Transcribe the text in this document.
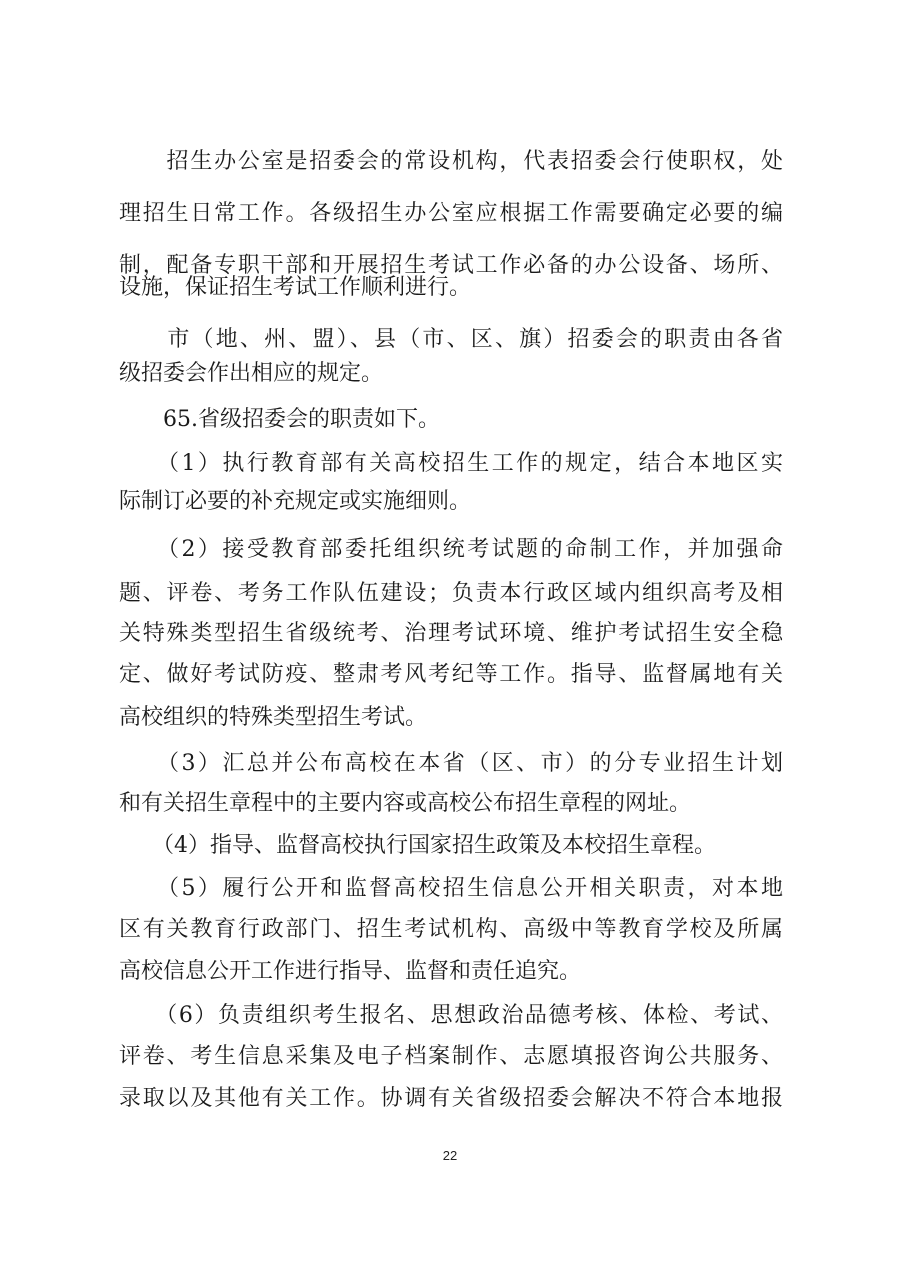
　　招生办公室是招委会的常设机构，代表招委会行使职权，处
理招生日常工作。各级招生办公室应根据工作需要确定必要的编
制，配备专职干部和开展招生考试工作必备的办公设备、场所、
设施，保证招生考试工作顺利进行。
　　市（地、州、盟）、县（市、区、旗）招委会的职责由各省
级招委会作出相应的规定。
　　65.省级招委会的职责如下。
　　（1）执行教育部有关高校招生工作的规定，结合本地区实
际制订必要的补充规定或实施细则。
　　（2）接受教育部委托组织统考试题的命制工作，并加强命
题、评卷、考务工作队伍建设；负责本行政区域内组织高考及相
关特殊类型招生省级统考、治理考试环境、维护考试招生安全稳
定、做好考试防疫、整肃考风考纪等工作。指导、监督属地有关
高校组织的特殊类型招生考试。
　　（3）汇总并公布高校在本省（区、市）的分专业招生计划
和有关招生章程中的主要内容或高校公布招生章程的网址。
　　（4）指导、监督高校执行国家招生政策及本校招生章程。
　　（5）履行公开和监督高校招生信息公开相关职责，对本地
区有关教育行政部门、招生考试机构、高级中等教育学校及所属
高校信息公开工作进行指导、监督和责任追究。
　　（6）负责组织考生报名、思想政治品德考核、体检、考试、
评卷、考生信息采集及电子档案制作、志愿填报咨询公共服务、
录取以及其他有关工作。协调有关省级招委会解决不符合本地报
22
